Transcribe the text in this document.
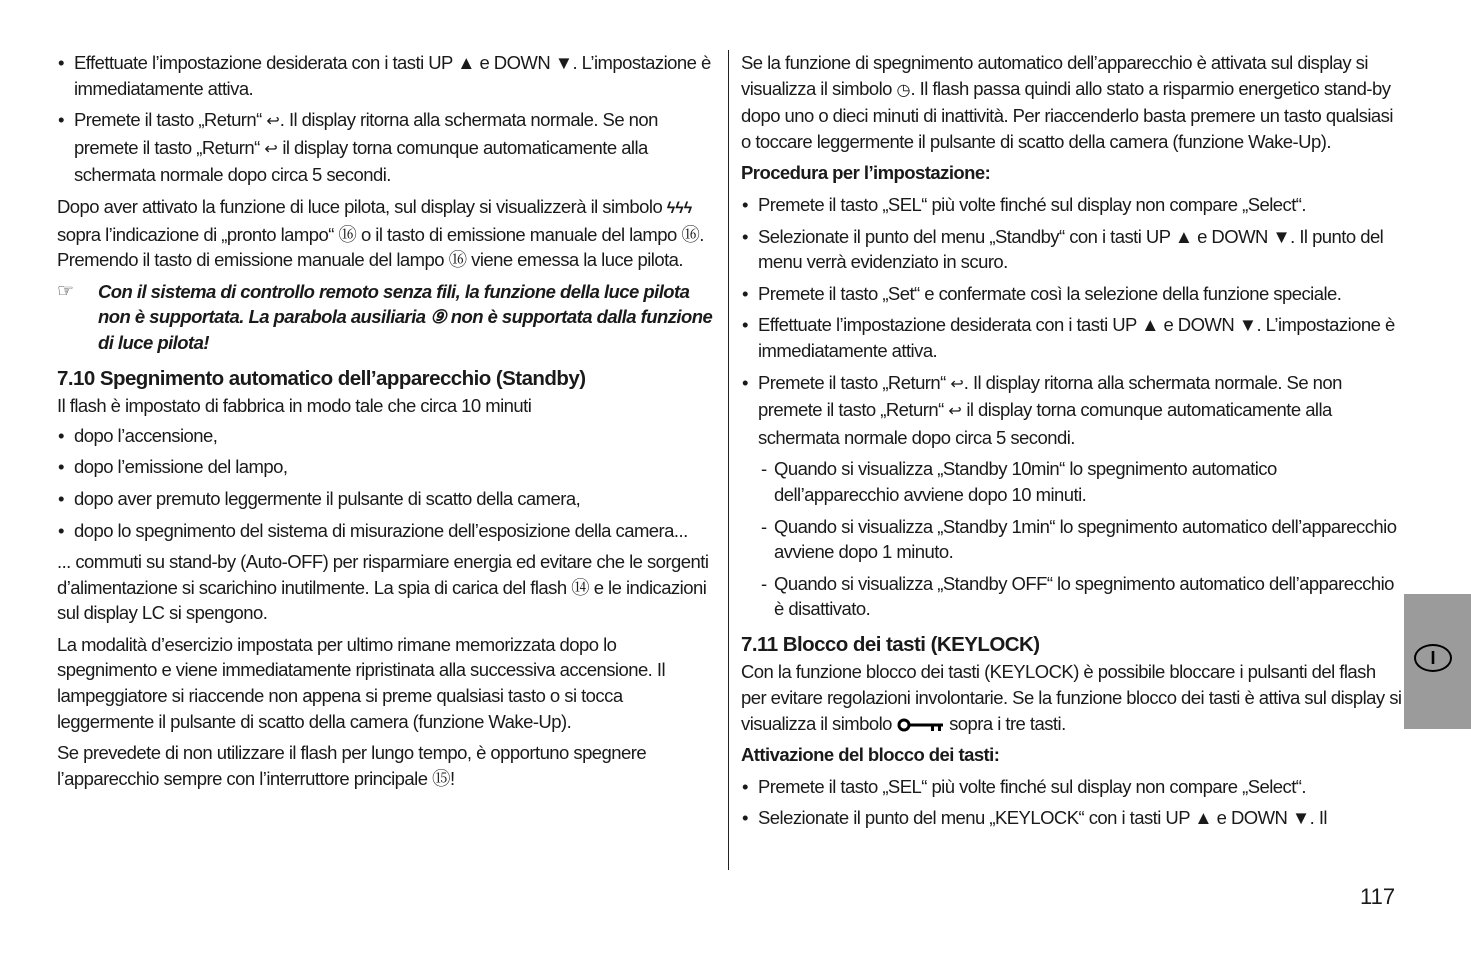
• Effettuate l’impostazione desiderata con i tasti UP ▲ e DOWN ▼. L’impostazione è immediatamente attiva.
• Premete il tasto „Return“ ↩. Il display ritorna alla schermata normale. Se non premete il tasto „Return“ ↩ il display torna comunque automaticamente alla schermata normale dopo circa 5 secondi.

Dopo aver attivato la funzione di luce pilota, sul display si visualizzerà il simbolo ϟϟϟ sopra l’indicazione di „pronto lampo“ ⑯ o il tasto di emissione manuale del lampo ⑯. Premendo il tasto di emissione manuale del lampo ⑯ viene emessa la luce pilota.

☞ Con il sistema di controllo remoto senza fili, la funzione della luce pilota non è supportata. La parabola ausiliaria ⑨ non è supportata dalla funzione di luce pilota!
7.10 Spegnimento automatico dell’apparecchio (Standby)

Il flash è impostato di fabbrica in modo tale che circa 10 minuti

• dopo l’accensione,
• dopo l’emissione del lampo,
• dopo aver premuto leggermente il pulsante di scatto della camera,
• dopo lo spegnimento del sistema di misurazione dell’esposizione della camera...

... commuti su stand-by (Auto-OFF) per risparmiare energia ed evitare che le sorgenti d’alimentazione si scarichino inutilmente. La spia di carica del flash ⑭ e le indicazioni sul display LC si spengono.

La modalità d’esercizio impostata per ultimo rimane memorizzata dopo lo spegnimento e viene immediatamente ripristinata alla successiva accensione. Il lampeggiatore si riaccende non appena si preme qualsiasi tasto o si tocca leggermente il pulsante di scatto della camera (funzione Wake-Up).

Se prevedete di non utilizzare il flash per lungo tempo, è opportuno spegnere l’apparecchio sempre con l’interruttore principale ⑮!

Se la funzione di spegnimento automatico dell’apparecchio è attivata sul display si visualizza il simbolo ◷. Il flash passa quindi allo stato a risparmio energetico stand-by dopo uno o dieci minuti di inattività. Per riaccenderlo basta premere un tasto qualsiasi o toccare leggermente il pulsante di scatto della camera (funzione Wake-Up).

Procedura per l’impostazione:
• Premete il tasto „SEL“ più volte finché sul display non compare „Select“.
• Selezionate il punto del menu „Standby“ con i tasti UP ▲ e DOWN ▼. Il punto del menu verrà evidenziato in scuro.
• Premete il tasto „Set“ e confermate così la selezione della funzione speciale.
• Effettuate l’impostazione desiderata con i tasti UP ▲ e DOWN ▼. L’impostazione è immediatamente attiva.
• Premete il tasto „Return“ ↩. Il display ritorna alla schermata normale. Se non premete il tasto „Return“ ↩ il display torna comunque automaticamente alla schermata normale dopo circa 5 secondi.
- Quando si visualizza „Standby 10min“ lo spegnimento automatico dell’apparecchio avviene dopo 10 minuti.
- Quando si visualizza „Standby 1min“ lo spegnimento automatico dell’apparecchio avviene dopo 1 minuto.
- Quando si visualizza „Standby OFF“ lo spegnimento automatico dell’apparecchio è disattivato.
7.11 Blocco dei tasti (KEYLOCK)

Con la funzione blocco dei tasti (KEYLOCK) è possibile bloccare i pulsanti del flash per evitare regolazioni involontarie. Se la funzione blocco dei tasti è attiva sul display si visualizza il simbolo	sopra i tre tasti.

Attivazione del blocco dei tasti:
• Premete il tasto „SEL“ più volte finché sul display non compare „Select“.
• Selezionate il punto del menu „KEYLOCK“ con i tasti UP ▲ e DOWN ▼. Il
I
117
